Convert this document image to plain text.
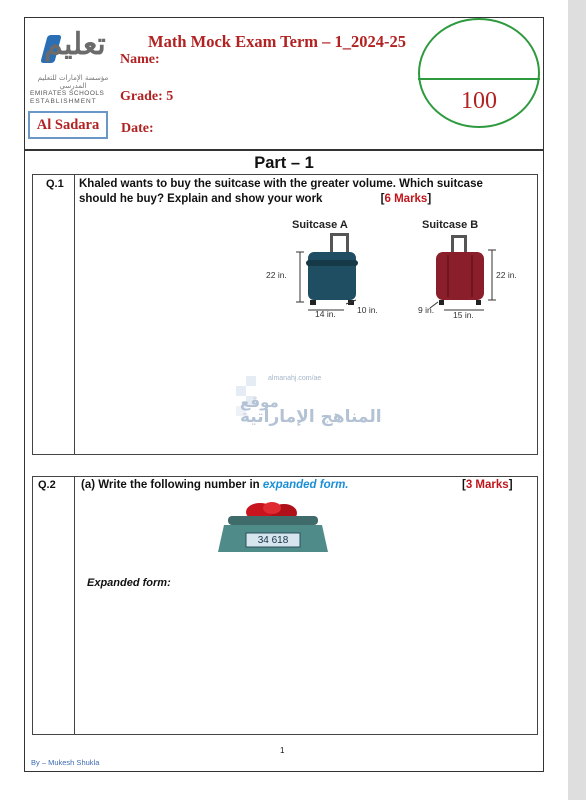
تعليم
مؤسسة الإمارات للتعليم المدرسي
EMIRATES SCHOOLS
ESTABLISHMENT
Al Sadara
Math Mock Exam Term – 1_2024-25
Name:
Grade: 5
Date:
100
Part – 1
Q.1 Khaled wants to buy the suitcase with the greater volume. Which suitcase
should he buy? Explain and show your work	[6 Marks]
Suitcase A	Suitcase B
22 in.
14 in. 10 in.
22 in.
9 in. 15 in.
almanahj.com/ae
موقع
المناهج الإماراتية
Q.2 (a) Write the following number in expanded form.	[3 Marks]
34 618
Expanded form:
1
By – Mukesh Shukla
